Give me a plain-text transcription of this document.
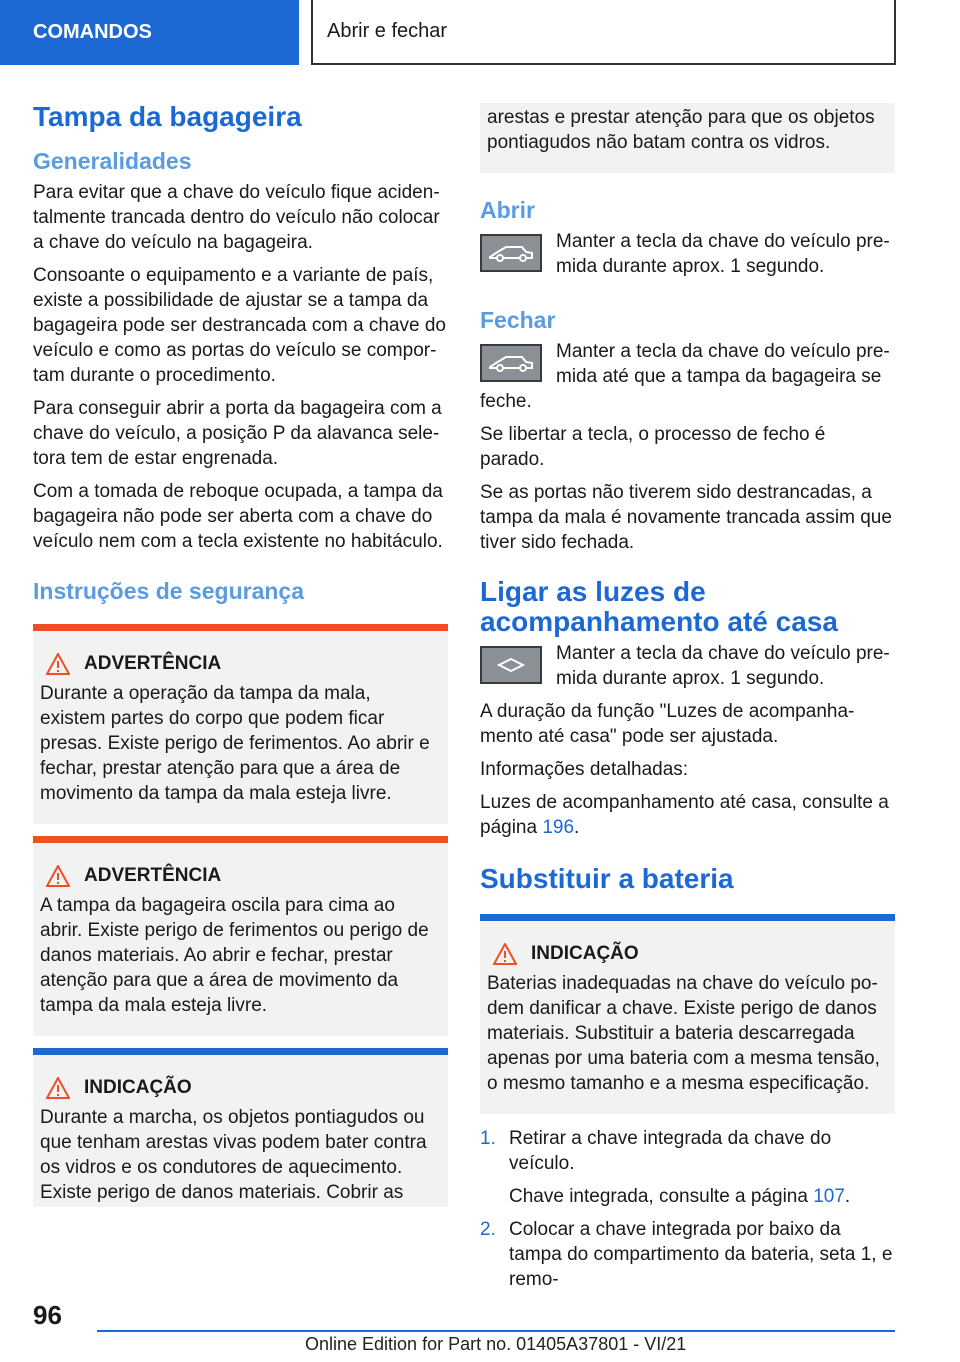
COMANDOS	Abrir e fechar
Tampa da bagageira
Generalidades

Para evitar que a chave do veículo fique aciden‐talmente trancada dentro do veículo não colocar a chave do veículo na bagageira.

Consoante o equipamento e a variante de país, existe a possibilidade de ajustar se a tampa da bagageira pode ser destrancada com a chave do veículo e como as portas do veículo se compor‐tam durante o procedimento.

Para conseguir abrir a porta da bagageira com a chave do veículo, a posição P da alavanca sele‐tora tem de estar engrenada.

Com a tomada de reboque ocupada, a tampa da bagageira não pode ser aberta com a chave do veículo nem com a tecla existente no habitáculo.

Instruções de segurança
ADVERTÊNCIA

Durante a operação da tampa da mala, existem partes do corpo que podem ficar presas. Existe perigo de ferimentos. Ao abrir e fechar, prestar atenção para que a área de movimento da tampa da mala esteja livre.

ADVERTÊNCIA

A tampa da bagageira oscila para cima ao abrir. Existe perigo de ferimentos ou perigo de danos materiais. Ao abrir e fechar, prestar atenção para que a área de movimento da tampa da mala esteja livre.

INDICAÇÃO

Durante a marcha, os objetos pontiagudos ou que tenham arestas vivas podem bater contra os vidros e os condutores de aquecimento. Existe perigo de danos materiais. Cobrir as

arestas e prestar atenção para que os objetos pontiagudos não batam contra os vidros.

Abrir

Manter a tecla da chave do veículo pre‐mida durante aprox. 1 segundo.

Fechar

Manter a tecla da chave do veículo pre‐mida até que a tampa da bagageira se

feche.

Se libertar a tecla, o processo de fecho é parado.

Se as portas não tiverem sido destrancadas, a tampa da mala é novamente trancada assim que tiver sido fechada.

Ligar as luzes de acompanhamento até casa

Manter a tecla da chave do veículo pre‐mida durante aprox. 1 segundo.

A duração da função "Luzes de acompanha‐mento até casa" pode ser ajustada.

Informações detalhadas:

Luzes de acompanhamento até casa, consulte a página 196.

Substituir a bateria
INDICAÇÃO

Baterias inadequadas na chave do veículo po‐dem danificar a chave. Existe perigo de danos materiais. Substituir a bateria descarregada apenas por uma bateria com a mesma tensão, o mesmo tamanho e a mesma especificação.

1. Retirar a chave integrada da chave do veículo.
Chave integrada, consulte a página 107.
2. Colocar a chave integrada por baixo da tampa do compartimento da bateria, seta 1, e remo‐
96
Online Edition for Part no. 01405A37801 - VI/21
